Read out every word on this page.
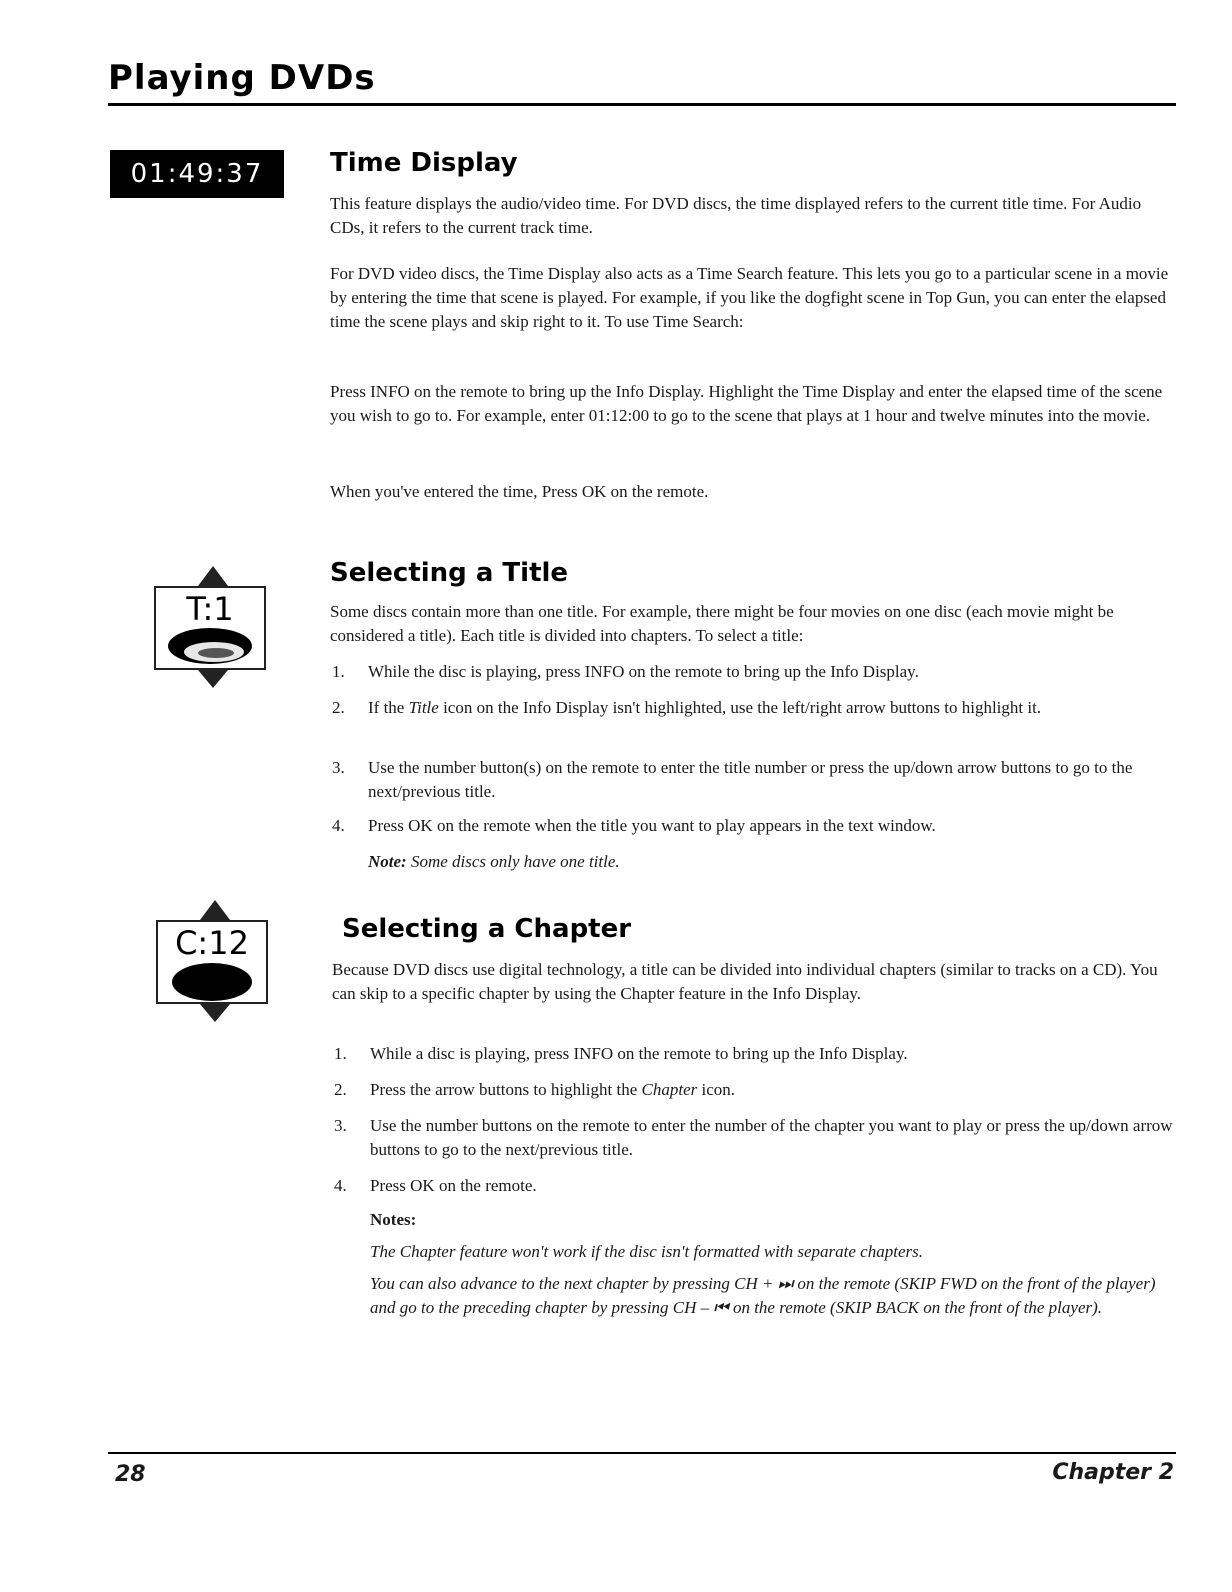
Playing DVDs
01:49:37	Time Display

This feature displays the audio/video time. For DVD discs, the time displayed refers to the current title time. For Audio CDs, it refers to the current track time.

For DVD video discs, the Time Display also acts as a Time Search feature. This lets you go to a particular scene in a movie by entering the time that scene is played. For example, if you like the dogfight scene in Top Gun, you can enter the elapsed time the scene plays and skip right to it. To use Time Search:

Press INFO on the remote to bring up the Info Display. Highlight the Time Display and enter the elapsed time of the scene you wish to go to. For example, enter 01:12:00 to go to the scene that plays at 1 hour and twelve minutes into the movie.

When you've entered the time, Press OK on the remote.

T:1
Selecting a Title

Some discs contain more than one title. For example, there might be four movies on one disc (each movie might be considered a title). Each title is divided into chapters. To select a title:

1. While the disc is playing, press INFO on the remote to bring up the Info Display.
2. If the Title icon on the Info Display isn't highlighted, use the left/right arrow buttons to highlight it.
3. Use the number button(s) on the remote to enter the title number or press the up/down arrow buttons to go to the next/previous title.
4. Press OK on the remote when the title you want to play appears in the text window.
Note: Some discs only have one title.
C:12	Selecting a Chapter

Because DVD discs use digital technology, a title can be divided into individual chapters (similar to tracks on a CD). You can skip to a specific chapter by using the Chapter feature in the Info Display.

1. While a disc is playing, press INFO on the remote to bring up the Info Display.
2. Press the arrow buttons to highlight the Chapter icon.
3. Use the number buttons on the remote to enter the number of the chapter you want to play or press the up/down arrow buttons to go to the next/previous title.
4. Press OK on the remote.
Notes:
The Chapter feature won't work if the disc isn't formatted with separate chapters.
You can also advance to the next chapter by pressing CH + ⏭ on the remote (SKIP FWD on the front of the player) and go to the preceding chapter by pressing CH – ⏮ on the remote (SKIP BACK on the front of the player).
28	Chapter 2
